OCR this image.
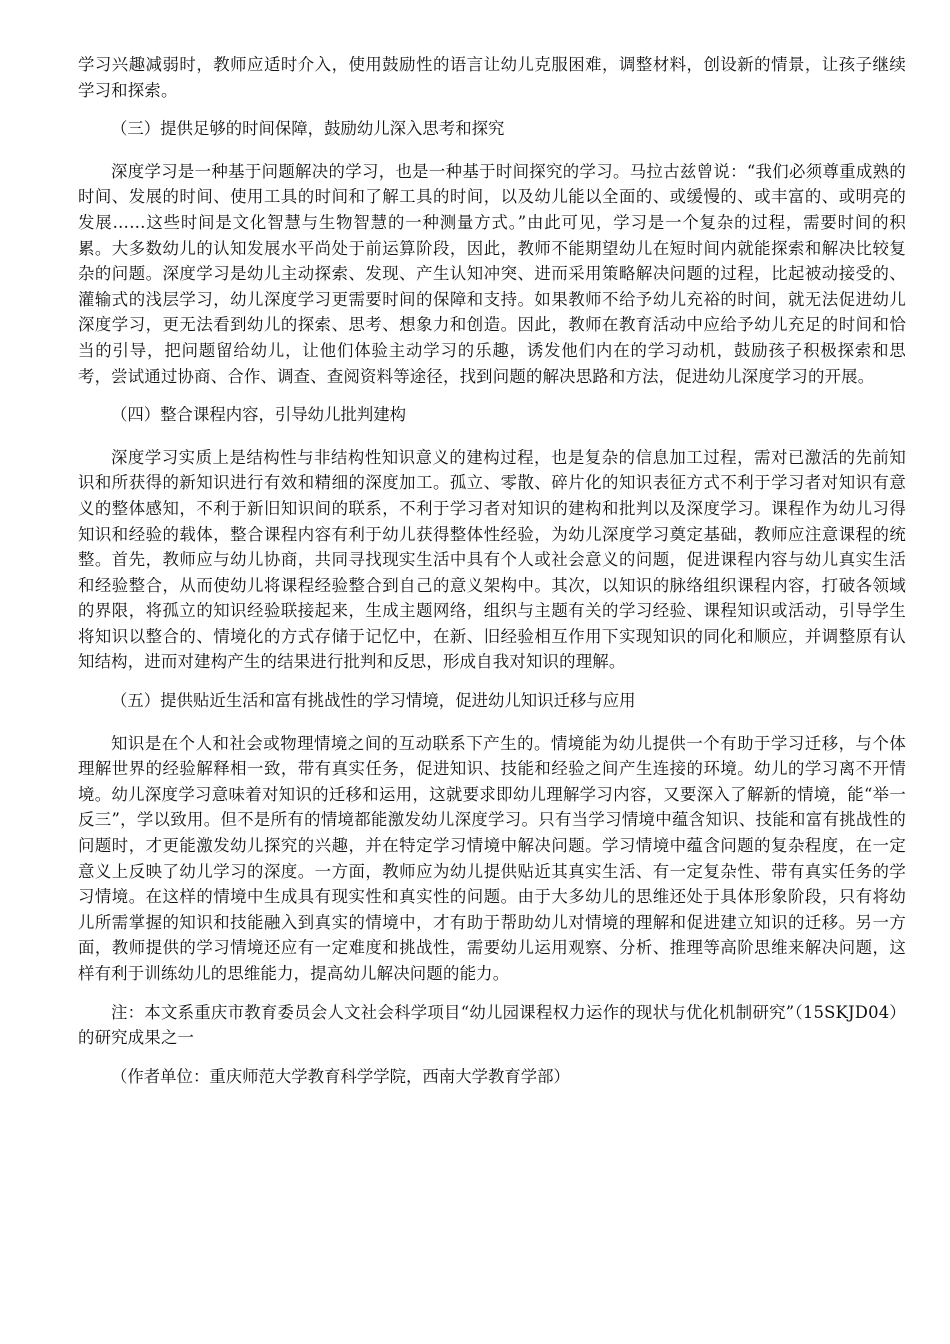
学习兴趣减弱时，教师应适时介入，使用鼓励性的语言让幼儿克服困难，调整材料，创设新的情景，让孩子继续学习和探索。

（三）提供足够的时间保障，鼓励幼儿深入思考和探究

深度学习是一种基于问题解决的学习，也是一种基于时间探究的学习。马拉古兹曾说：“我们必须尊重成熟的时间、发展的时间、使用工具的时间和了解工具的时间，以及幼儿能以全面的、或缓慢的、或丰富的、或明亮的发展……这些时间是文化智慧与生物智慧的一种测量方式。”由此可见，学习是一个复杂的过程，需要时间的积累。大多数幼儿的认知发展水平尚处于前运算阶段，因此，教师不能期望幼儿在短时间内就能探索和解决比较复杂的问题。深度学习是幼儿主动探索、发现、产生认知冲突、进而采用策略解决问题的过程，比起被动接受的、灌输式的浅层学习，幼儿深度学习更需要时间的保障和支持。如果教师不给予幼儿充裕的时间，就无法促进幼儿深度学习，更无法看到幼儿的探索、思考、想象力和创造。因此，教师在教育活动中应给予幼儿充足的时间和恰当的引导，把问题留给幼儿，让他们体验主动学习的乐趣，诱发他们内在的学习动机，鼓励孩子积极探索和思考，尝试通过协商、合作、调查、查阅资料等途径，找到问题的解决思路和方法，促进幼儿深度学习的开展。

（四）整合课程内容，引导幼儿批判建构

深度学习实质上是结构性与非结构性知识意义的建构过程，也是复杂的信息加工过程，需对已激活的先前知识和所获得的新知识进行有效和精细的深度加工。孤立、零散、碎片化的知识表征方式不利于学习者对知识有意义的整体感知，不利于新旧知识间的联系，不利于学习者对知识的建构和批判以及深度学习。课程作为幼儿习得知识和经验的载体，整合课程内容有利于幼儿获得整体性经验，为幼儿深度学习奠定基础，教师应注意课程的统整。首先，教师应与幼儿协商，共同寻找现实生活中具有个人或社会意义的问题，促进课程内容与幼儿真实生活和经验整合，从而使幼儿将课程经验整合到自己的意义架构中。其次，以知识的脉络组织课程内容，打破各领域的界限，将孤立的知识经验联接起来，生成主题网络，组织与主题有关的学习经验、课程知识或活动，引导学生将知识以整合的、情境化的方式存储于记忆中，在新、旧经验相互作用下实现知识的同化和顺应，并调整原有认知结构，进而对建构产生的结果进行批判和反思，形成自我对知识的理解。

（五）提供贴近生活和富有挑战性的学习情境，促进幼儿知识迁移与应用

知识是在个人和社会或物理情境之间的互动联系下产生的。情境能为幼儿提供一个有助于学习迁移，与个体理解世界的经验解释相一致，带有真实任务，促进知识、技能和经验之间产生连接的环境。幼儿的学习离不开情境。幼儿深度学习意味着对知识的迁移和运用，这就要求即幼儿理解学习内容，又要深入了解新的情境，能“举一反三”，学以致用。但不是所有的情境都能激发幼儿深度学习。只有当学习情境中蕴含知识、技能和富有挑战性的问题时，才更能激发幼儿探究的兴趣，并在特定学习情境中解决问题。学习情境中蕴含问题的复杂程度，在一定意义上反映了幼儿学习的深度。一方面，教师应为幼儿提供贴近其真实生活、有一定复杂性、带有真实任务的学习情境。在这样的情境中生成具有现实性和真实性的问题。由于大多幼儿的思维还处于具体形象阶段，只有将幼儿所需掌握的知识和技能融入到真实的情境中，才有助于帮助幼儿对情境的理解和促进建立知识的迁移。另一方面，教师提供的学习情境还应有一定难度和挑战性，需要幼儿运用观察、分析、推理等高阶思维来解决问题，这样有利于训练幼儿的思维能力，提高幼儿解决问题的能力。

注：本文系重庆市教育委员会人文社会科学项目“幼儿园课程权力运作的现状与优化机制研究”（15SKJD04）的研究成果之一

（作者单位：重庆师范大学教育科学学院，西南大学教育学部）
